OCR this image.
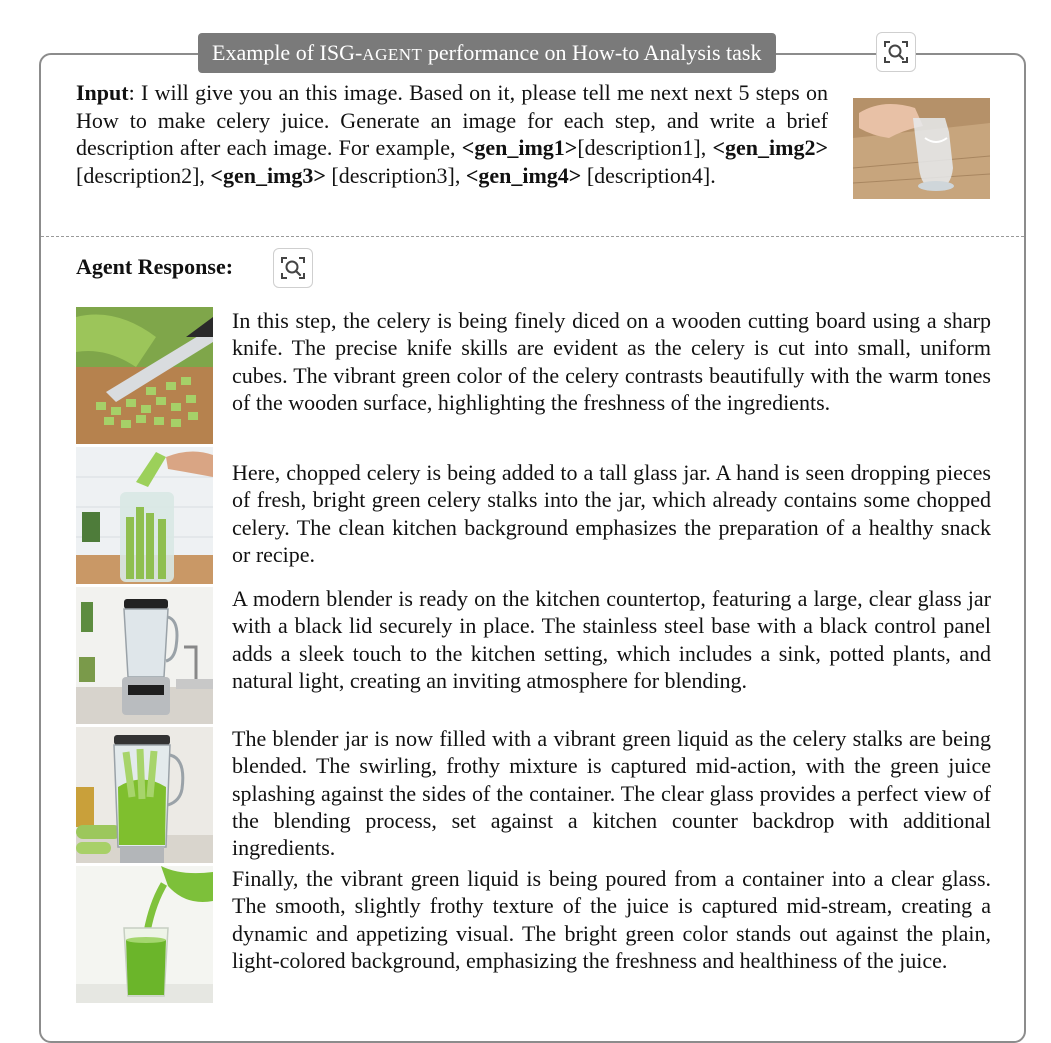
Example of ISG-AGENT performance on How-to Analysis task
Input: I will give you an this image. Based on it, please tell me next next 5 steps on How to make celery juice. Generate an image for each step, and write a brief description after each image. For example, <gen_img1>[description1], <gen_img2> [description2], <gen_img3> [description3], <gen_img4> [description4].
Agent Response:
In this step, the celery is being finely diced on a wooden cutting board using a sharp knife. The precise knife skills are evident as the celery is cut into small, uniform cubes. The vibrant green color of the celery contrasts beautifully with the warm tones of the wooden surface, highlighting the freshness of the ingredients.
Here, chopped celery is being added to a tall glass jar. A hand is seen dropping pieces of fresh, bright green celery stalks into the jar, which already contains some chopped celery. The clean kitchen background emphasizes the preparation of a healthy snack or recipe.
A modern blender is ready on the kitchen countertop, featuring a large, clear glass jar with a black lid securely in place. The stainless steel base with a black control panel adds a sleek touch to the kitchen setting, which includes a sink, potted plants, and natural light, creating an inviting atmosphere for blending.
The blender jar is now filled with a vibrant green liquid as the celery stalks are being blended. The swirling, frothy mixture is captured mid-action, with the green juice splashing against the sides of the container. The clear glass provides a perfect view of the blending process, set against a kitchen counter backdrop with additional ingredients.
Finally, the vibrant green liquid is being poured from a container into a clear glass. The smooth, slightly frothy texture of the juice is captured mid-stream, creating a dynamic and appetizing visual. The bright green color stands out against the plain, light-colored background, emphasizing the freshness and healthiness of the juice.
